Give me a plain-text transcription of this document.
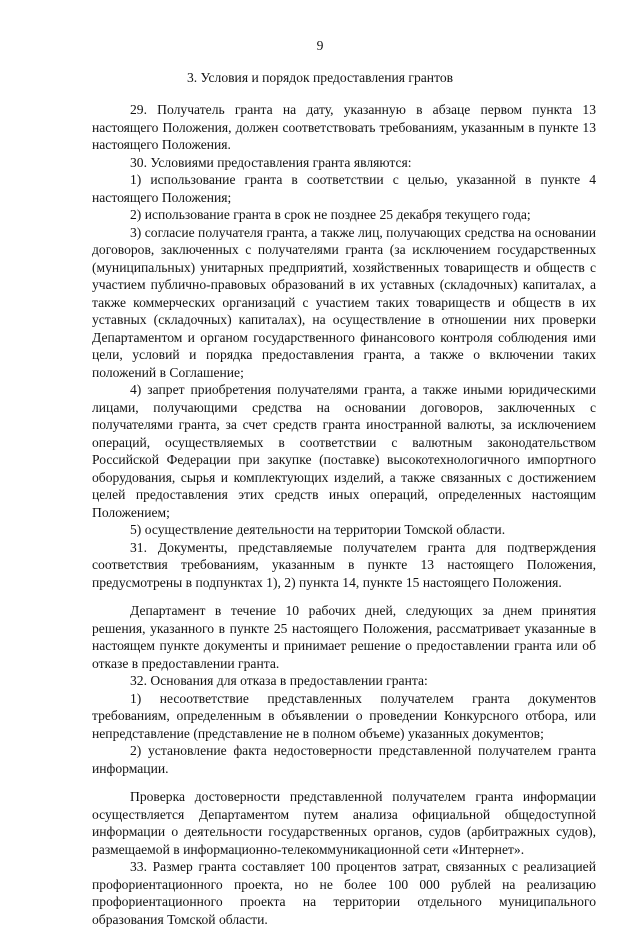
9
3. Условия и порядок предоставления грантов

29. Получатель гранта на дату, указанную в абзаце первом пункта 13 настоящего Положения, должен соответствовать требованиям, указанным в пункте 13 настоящего Положения.

30. Условиями предоставления гранта являются:

1) использование гранта в соответствии с целью, указанной в пункте 4 настоящего Положения;

2) использование гранта в срок не позднее 25 декабря текущего года;

3) согласие получателя гранта, а также лиц, получающих средства на основании договоров, заключенных с получателями гранта (за исключением государственных (муниципальных) унитарных предприятий, хозяйственных товариществ и обществ с участием публично-правовых образований в их уставных (складочных) капиталах, а также коммерческих организаций с участием таких товариществ и обществ в их уставных (складочных) капиталах), на осуществление в отношении них проверки Департаментом и органом государственного финансового контроля соблюдения ими цели, условий и порядка предоставления гранта, а также о включении таких положений в Соглашение;

4) запрет приобретения получателями гранта, а также иными юридическими лицами, получающими средства на основании договоров, заключенных с получателями гранта, за счет средств гранта иностранной валюты, за исключением операций, осуществляемых в соответствии с валютным законодательством Российской Федерации при закупке (поставке) высокотехнологичного импортного оборудования, сырья и комплектующих изделий, а также связанных с достижением целей предоставления этих средств иных операций, определенных настоящим Положением;

5) осуществление деятельности на территории Томской области.

31. Документы, представляемые получателем гранта для подтверждения соответствия требованиям, указанным в пункте 13 настоящего Положения, предусмотрены в подпунктах 1), 2) пункта 14, пункте 15 настоящего Положения.

Департамент в течение 10 рабочих дней, следующих за днем принятия решения, указанного в пункте 25 настоящего Положения, рассматривает указанные в настоящем пункте документы и принимает решение о предоставлении гранта или об отказе в предоставлении гранта.

32. Основания для отказа в предоставлении гранта:

1) несоответствие представленных получателем гранта документов требованиям, определенным в объявлении о проведении Конкурсного отбора, или непредставление (представление не в полном объеме) указанных документов;

2) установление факта недостоверности представленной получателем гранта информации.

Проверка достоверности представленной получателем гранта информации осуществляется Департаментом путем анализа официальной общедоступной информации о деятельности государственных органов, судов (арбитражных судов), размещаемой в информационно-телекоммуникационной сети «Интернет».

33. Размер гранта составляет 100 процентов затрат, связанных с реализацией профориентационного проекта, но не более 100 000 рублей на реализацию профориентационного проекта на территории отдельного муниципального образования Томской области.
